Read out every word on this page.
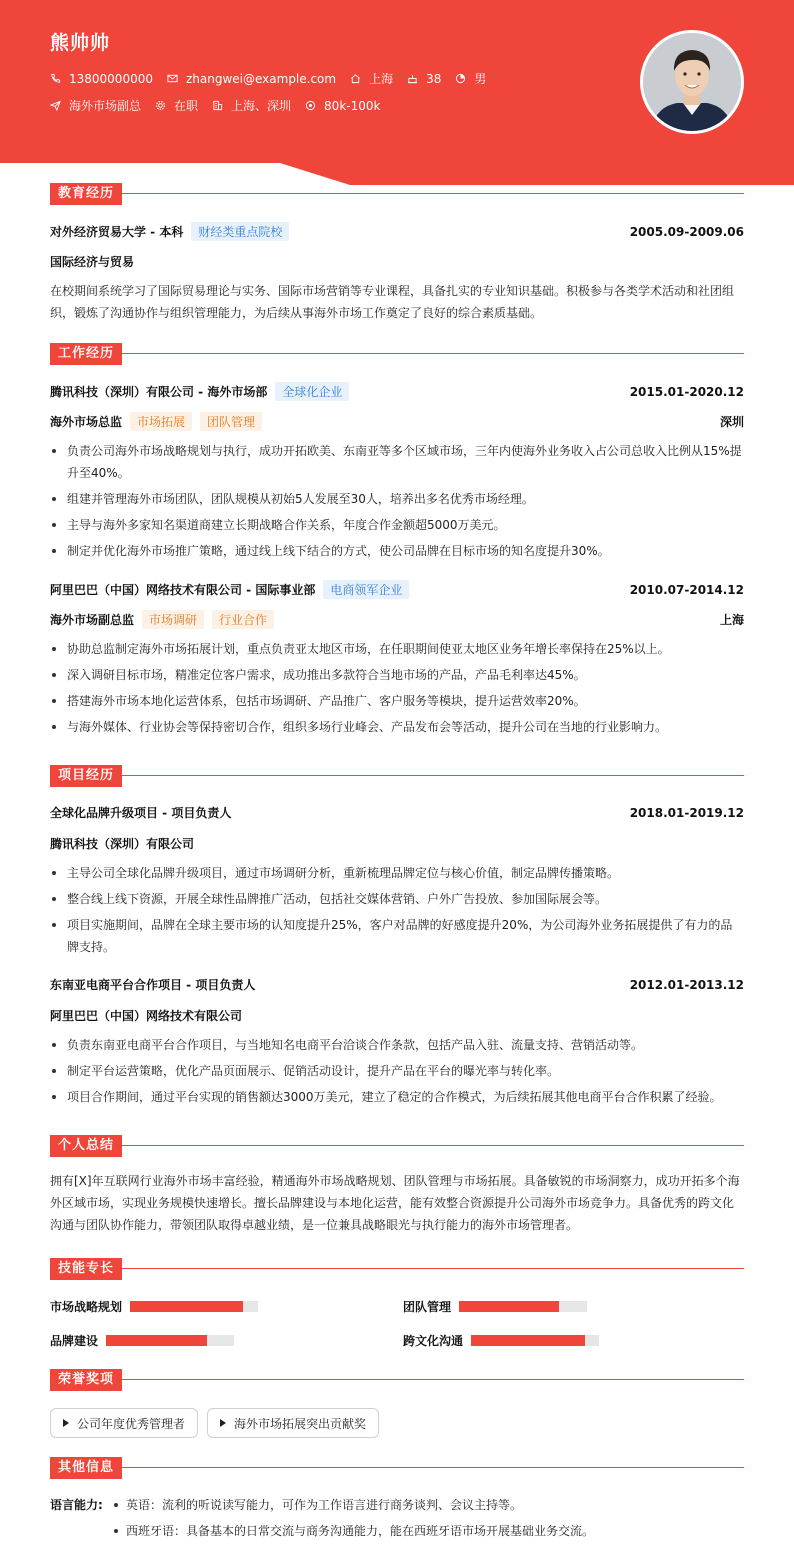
熊帅帅
13800000000	zhangwei@example.com	上海	38	男
海外市场副总	在职	上海、深圳	80k-100k
教育经历
对外经济贸易大学 - 本科	财经类重点院校	2005.09-2009.06
国际经济与贸易
在校期间系统学习了国际贸易理论与实务、国际市场营销等专业课程，具备扎实的专业知识基础。积极参与各类学术活动和社团组织，锻炼了沟通协作与组织管理能力，为后续从事海外市场工作奠定了良好的综合素质基础。
工作经历
腾讯科技（深圳）有限公司 - 海外市场部	全球化企业	2015.01-2020.12
海外市场总监	市场拓展	团队管理	深圳
负责公司海外市场战略规划与执行，成功开拓欧美、东南亚等多个区域市场，三年内使海外业务收入占公司总收入比例从15%提升至40%。
组建并管理海外市场团队，团队规模从初始5人发展至30人，培养出多名优秀市场经理。
主导与海外多家知名渠道商建立长期战略合作关系，年度合作金额超5000万美元。
制定并优化海外市场推广策略，通过线上线下结合的方式，使公司品牌在目标市场的知名度提升30%。
阿里巴巴（中国）网络技术有限公司 - 国际事业部	电商领军企业	2010.07-2014.12
海外市场副总监	市场调研	行业合作	上海
协助总监制定海外市场拓展计划，重点负责亚太地区市场，在任职期间使亚太地区业务年增长率保持在25%以上。
深入调研目标市场，精准定位客户需求，成功推出多款符合当地市场的产品，产品毛利率达45%。
搭建海外市场本地化运营体系，包括市场调研、产品推广、客户服务等模块，提升运营效率20%。
与海外媒体、行业协会等保持密切合作，组织多场行业峰会、产品发布会等活动，提升公司在当地的行业影响力。
项目经历
全球化品牌升级项目 - 项目负责人	2018.01-2019.12
腾讯科技（深圳）有限公司
主导公司全球化品牌升级项目，通过市场调研分析，重新梳理品牌定位与核心价值，制定品牌传播策略。
整合线上线下资源，开展全球性品牌推广活动，包括社交媒体营销、户外广告投放、参加国际展会等。
项目实施期间，品牌在全球主要市场的认知度提升25%，客户对品牌的好感度提升20%，为公司海外业务拓展提供了有力的品牌支持。
东南亚电商平台合作项目 - 项目负责人	2012.01-2013.12
阿里巴巴（中国）网络技术有限公司
负责东南亚电商平台合作项目，与当地知名电商平台洽谈合作条款，包括产品入驻、流量支持、营销活动等。
制定平台运营策略，优化产品页面展示、促销活动设计，提升产品在平台的曝光率与转化率。
项目合作期间，通过平台实现的销售额达3000万美元，建立了稳定的合作模式，为后续拓展其他电商平台合作积累了经验。
个人总结
拥有[X]年互联网行业海外市场丰富经验，精通海外市场战略规划、团队管理与市场拓展。具备敏锐的市场洞察力，成功开拓多个海外区域市场，实现业务规模快速增长。擅长品牌建设与本地化运营，能有效整合资源提升公司海外市场竞争力。具备优秀的跨文化沟通与团队协作能力，带领团队取得卓越业绩，是一位兼具战略眼光与执行能力的海外市场管理者。
技能专长
市场战略规划	团队管理
品牌建设	跨文化沟通
荣誉奖项
公司年度优秀管理者	海外市场拓展突出贡献奖
其他信息
语言能力:	英语：流利的听说读写能力，可作为工作语言进行商务谈判、会议主持等。
西班牙语：具备基本的日常交流与商务沟通能力，能在西班牙语市场开展基础业务交流。
